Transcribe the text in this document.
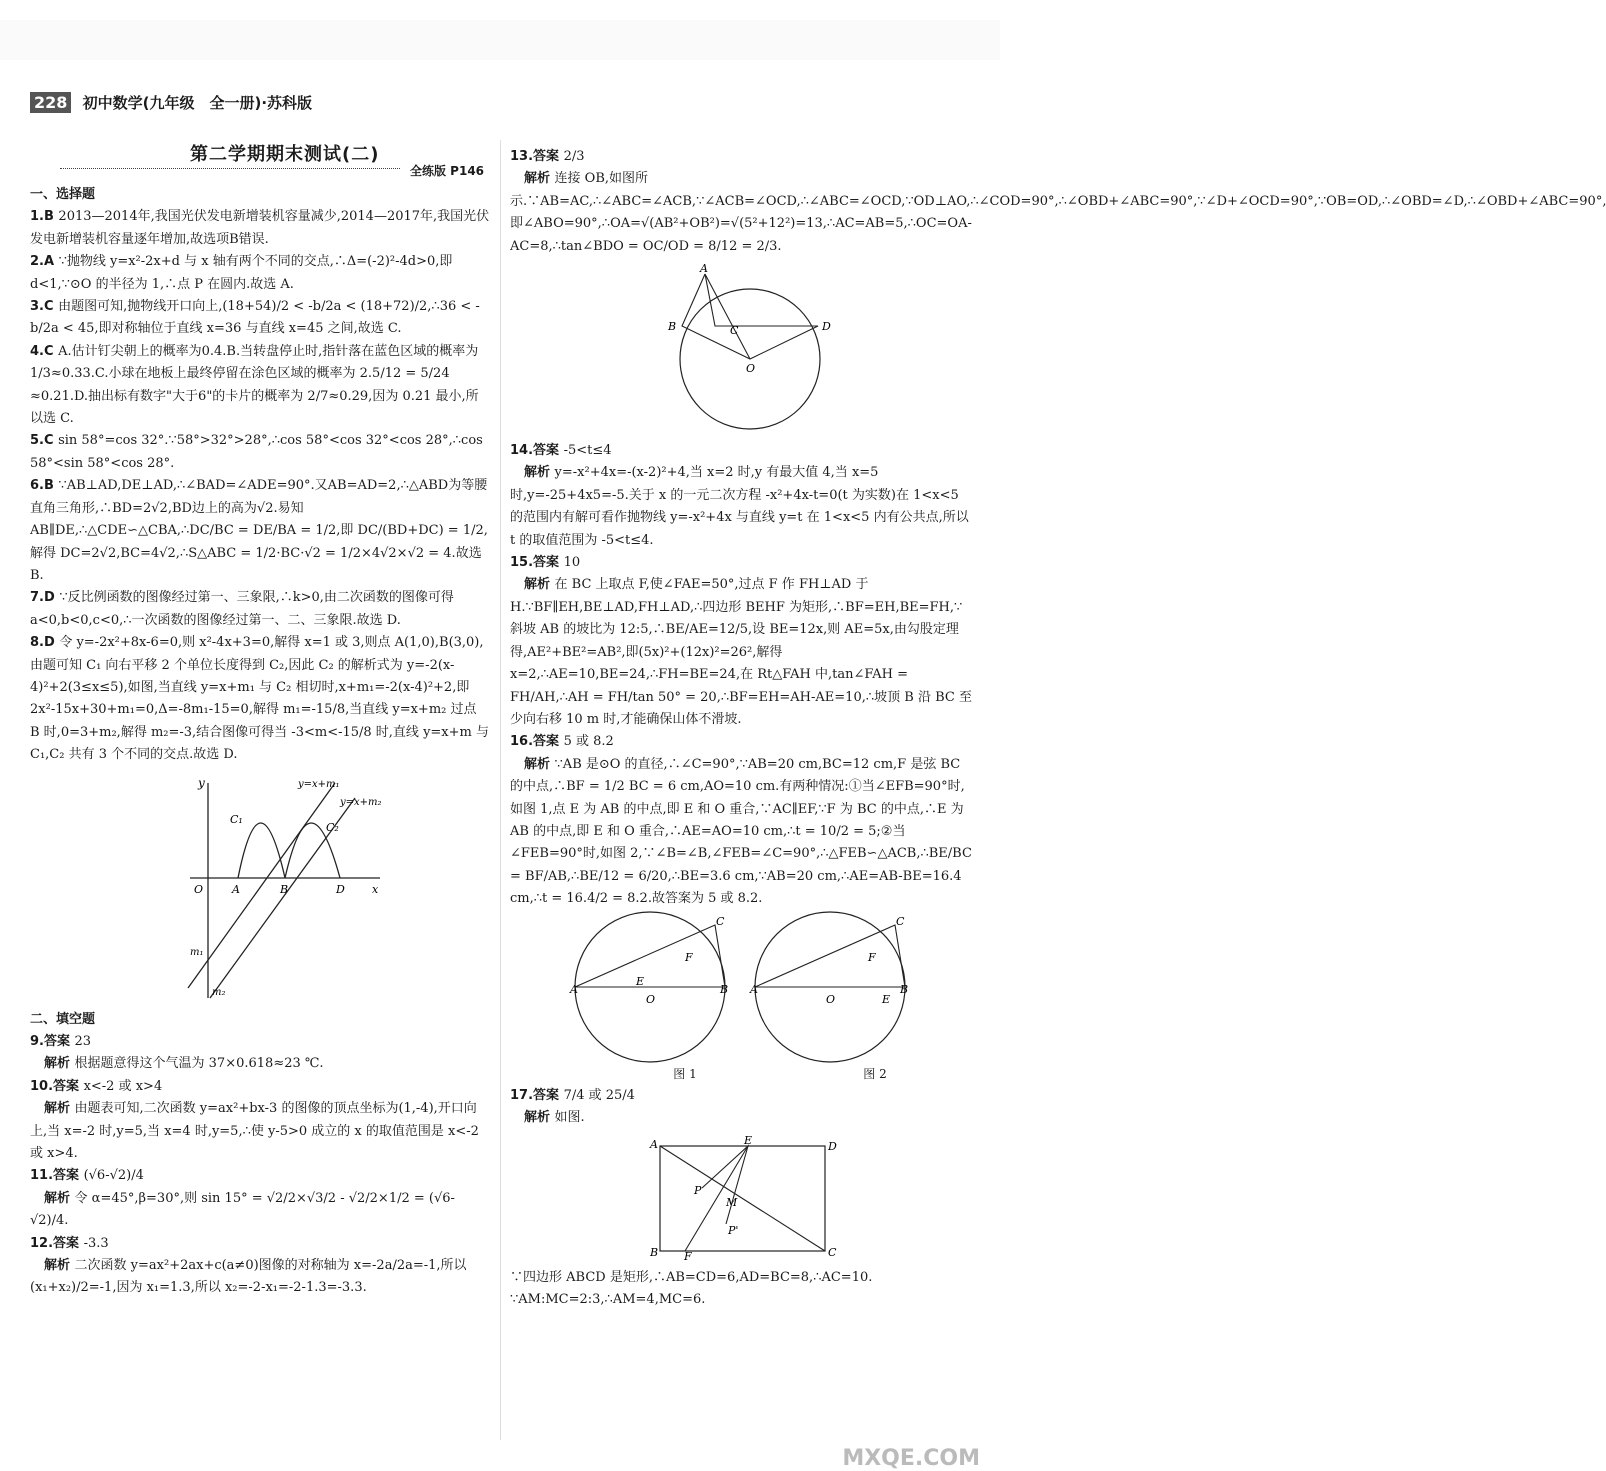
228 初中数学(九年级　全一册)·苏科版
第二学期期末测试(二)
全练版 P146
一、选择题

1.B 2013—2014年,我国光伏发电新增装机容量减少,2014—2017年,我国光伏发电新增装机容量逐年增加,故选项B错误.

2.A ∵抛物线 y=x²-2x+d 与 x 轴有两个不同的交点,∴Δ=(-2)²-4d>0,即 d<1,∵⊙O 的半径为 1,∴点 P 在圆内.故选 A.

3.C 由题图可知,抛物线开口向上,(18+54)/2 < -b/2a < (18+72)/2,∴36 < -b/2a < 45,即对称轴位于直线 x=36 与直线 x=45 之间,故选 C.

4.C A.估计钉尖朝上的概率为0.4.B.当转盘停止时,指针落在蓝色区域的概率为 1/3≈0.33.C.小球在地板上最终停留在涂色区域的概率为 2.5/12 = 5/24 ≈0.21.D.抽出标有数字"大于6"的卡片的概率为 2/7≈0.29,因为 0.21 最小,所以选 C.

5.C sin 58°=cos 32°.∵58°>32°>28°,∴cos 58°<cos 32°<cos 28°,∴cos 58°<sin 58°<cos 28°.

6.B ∵AB⊥AD,DE⊥AD,∴∠BAD=∠ADE=90°.又AB=AD=2,∴△ABD为等腰直角三角形,∴BD=2√2,BD边上的高为√2.易知AB∥DE,∴△CDE∽△CBA,∴DC/BC = DE/BA = 1/2,即 DC/(BD+DC) = 1/2,解得 DC=2√2,BC=4√2,∴S△ABC = 1/2·BC·√2 = 1/2×4√2×√2 = 4.故选 B.

7.D ∵反比例函数的图像经过第一、三象限,∴k>0,由二次函数的图像可得 a<0,b<0,c<0,∴一次函数的图像经过第一、二、三象限.故选 D.

8.D 令 y=-2x²+8x-6=0,则 x²-4x+3=0,解得 x=1 或 3,则点 A(1,0),B(3,0),由题可知 C₁ 向右平移 2 个单位长度得到 C₂,因此 C₂ 的解析式为 y=-2(x-4)²+2(3≤x≤5),如图,当直线 y=x+m₁ 与 C₂ 相切时,x+m₁=-2(x-4)²+2,即 2x²-15x+30+m₁=0,Δ=-8m₁-15=0,解得 m₁=-15/8,当直线 y=x+m₂ 过点 B 时,0=3+m₂,解得 m₂=-3,结合图像可得当 -3<m<-15/8 时,直线 y=x+m 与 C₁,C₂ 共有 3 个不同的交点.故选 D.

y	y=x+m₁
y=x+m₂
C₁
C₂
O	A	B	D x
m₁
m₂
二、填空题

9.答案 23

解析 根据题意得这个气温为 37×0.618≈23 ℃.

10.答案 x<-2 或 x>4

解析 由题表可知,二次函数 y=ax²+bx-3 的图像的顶点坐标为(1,-4),开口向上,当 x=-2 时,y=5,当 x=4 时,y=5,∴使 y-5>0 成立的 x 的取值范围是 x<-2 或 x>4.

11.答案 (√6-√2)/4

解析 令 α=45°,β=30°,则 sin 15° = √2/2×√3/2 - √2/2×1/2 = (√6-√2)/4.

12.答案 -3.3

解析 二次函数 y=ax²+2ax+c(a≠0)图像的对称轴为 x=-2a/2a=-1,所以 (x₁+x₂)/2=-1,因为 x₁=1.3,所以 x₂=-2-x₁=-2-1.3=-3.3.

13.答案 2/3

解析 连接 OB,如图所示.∵AB=AC,∴∠ABC=∠ACB,∵∠ACB=∠OCD,∴∠ABC=∠OCD,∵OD⊥AO,∴∠COD=90°,∴∠OBD+∠ABC=90°,∵∠D+∠OCD=90°,∵OB=OD,∴∠OBD=∠D,∴∠OBD+∠ABC=90°,即∠ABO=90°,∴OA=√(AB²+OB²)=√(5²+12²)=13,∴AC=AB=5,∴OC=OA-AC=8,∴tan∠BDO = OC/OD = 8/12 = 2/3.

A
B	C	D
O

14.答案 -5<t≤4

解析 y=-x²+4x=-(x-2)²+4,当 x=2 时,y 有最大值 4,当 x=5 时,y=-25+4x5=-5.关于 x 的一元二次方程 -x²+4x-t=0(t 为实数)在 1<x<5 的范围内有解可看作抛物线 y=-x²+4x 与直线 y=t 在 1<x<5 内有公共点,所以 t 的取值范围为 -5<t≤4.

15.答案 10

解析 在 BC 上取点 F,使∠FAE=50°,过点 F 作 FH⊥AD 于 H.∵BF∥EH,BE⊥AD,FH⊥AD,∴四边形 BEHF 为矩形,∴BF=EH,BE=FH,∵斜坡 AB 的坡比为 12:5,∴BE/AE=12/5,设 BE=12x,则 AE=5x,由勾股定理得,AE²+BE²=AB²,即(5x)²+(12x)²=26²,解得 x=2,∴AE=10,BE=24,∴FH=BE=24,在 Rt△FAH 中,tan∠FAH = FH/AH,∴AH = FH/tan 50° = 20,∴BF=EH=AH-AE=10,∴坡顶 B 沿 BC 至少向右移 10 m 时,才能确保山体不滑坡.

16.答案 5 或 8.2

解析 ∵AB 是⊙O 的直径,∴∠C=90°,∵AB=20 cm,BC=12 cm,F 是弦 BC 的中点,∴BF = 1/2 BC = 6 cm,AO=10 cm.有两种情况:①当∠EFB=90°时,如图 1,点 E 为 AB 的中点,即 E 和 O 重合,∵AC∥EF,∵F 为 BC 的中点,∴E 为 AB 的中点,即 E 和 O 重合,∴AE=AO=10 cm,∴t = 10/2 = 5;②当∠FEB=90°时,如图 2,∵∠B=∠B,∠FEB=∠C=90°,∴△FEB∽△ACB,∴BE/BC = BF/AB,∴BE/12 = 6/20,∴BE=3.6 cm,∵AB=20 cm,∴AE=AB-BE=16.4 cm,∴t = 16.4/2 = 8.2.故答案为 5 或 8.2.

A	B
C
F
E
O
A	B
C
F
E
O
图 1	图 2

17.答案 7/4 或 25/4

解析 如图.

A
B	C
D
E
F
M
P
P'

∵四边形 ABCD 是矩形,∴AB=CD=6,AD=BC=8,∴AC=10.

∵AM:MC=2:3,∴AM=4,MC=6.

MXQE.COM
